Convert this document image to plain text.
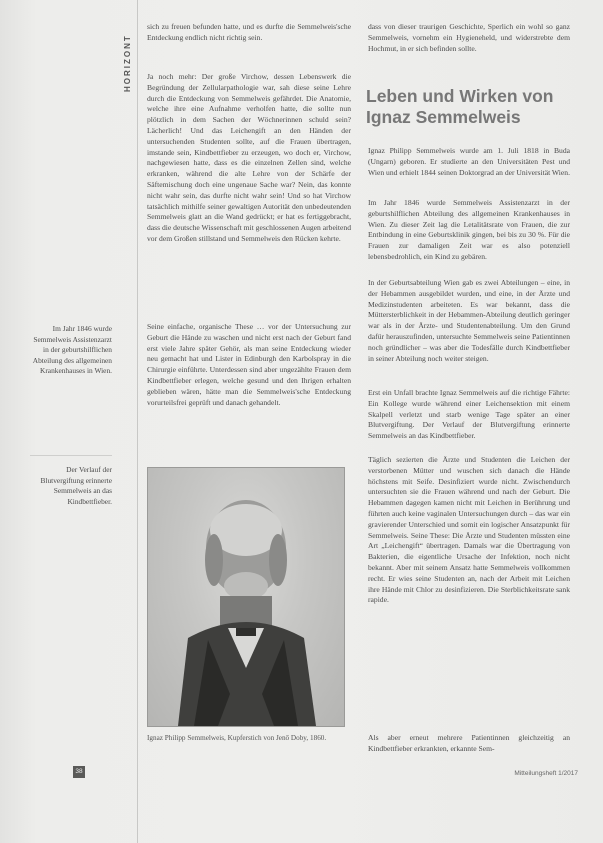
HORIZONT

sich zu freuen befunden hatte, und es durfte die Semmelweis'sche Entdeckung endlich nicht richtig sein.

Ja noch mehr: Der große Virchow, dessen Lebenswerk die Begründung der Zellularpathologie war, sah diese seine Lehre durch die Entdeckung von Semmelweis gefährdet. Die Anatomie, welche ihre eine Aufnahme verholfen hatte, die sollte nun plötzlich in dem Sachen der Wöchnerinnen schuld sein? Lächerlich! Und das Leichengift an den Händen der untersuchenden Studenten sollte, auf die Frauen übertragen, imstande sein, Kindbettfieber zu erzeugen, wo doch er, Virchow, nachgewiesen hatte, dass es die einzelnen Zellen sind, welche erkranken, während die alte Lehre von der Schärfe der Säftemischung doch eine ungenaue Sache war? Nein, das konnte nicht wahr sein, das durfte nicht wahr sein! Und so hat Virchow tatsächlich mithilfe seiner gewaltigen Autorität den unbedeutenden Semmelweis glatt an die Wand gedrückt; er hat es fertiggebracht, dass die deutsche Wissenschaft mit geschlossenen Augen arbeitend vor dem Großen stillstand und Semmelweis den Rücken kehrte.

Seine einfache, organische These … vor der Untersuchung zur Geburt die Hände zu waschen und nicht erst nach der Geburt fand erst viele Jahre später Gehör, als man seine Entdeckung wieder neu gemacht hat und Lister in Edinburgh den Karbolspray in die Chirurgie einführte. Unterdessen sind aber ungezählte Frauen dem Kindbettfieber erlegen, welche gesund und den Ihrigen erhalten geblieben wären, hätte man die Semmelweis'sche Entdeckung vorurteilsfrei geprüft und danach gehandelt.

Im Jahr 1846 wurde Semmelweis Assistenzarzt in der geburtshilflichen Abteilung des allgemeinen Krankenhauses in Wien.
Der Verlauf der Blutvergiftung erinnerte Semmelweis an das Kindbettfieber.
Ignaz Philipp Semmelweis, Kupferstich von Jenő Doby, 1860.

dass von dieser traurigen Geschichte, Sperlich ein wohl so ganz Semmelweis, vornehm ein Hygieneheld, und widerstrebte dem Hochmut, in er sich befinden sollte.

Ignaz Philipp Semmelweis wurde am 1. Juli 1818 in Buda (Ungarn) geboren. Er studierte an den Universitäten Pest und Wien und erhielt 1844 seinen Doktorgrad an der Universität Wien.

Im Jahr 1846 wurde Semmelweis Assistenzarzt in der geburtshilflichen Abteilung des allgemeinen Krankenhauses in Wien. Zu dieser Zeit lag die Letalitätsrate von Frauen, die zur Entbindung in eine Geburtsklinik gingen, bei bis zu 30 %. Für die Frauen zur damaligen Zeit war es also potenziell lebensbedrohlich, ein Kind zu gebären.

In der Geburtsabteilung Wien gab es zwei Abteilungen – eine, in der Hebammen ausgebildet wurden, und eine, in der Ärzte und Medizinstudenten arbeiteten. Es war bekannt, dass die Müttersterblichkeit in der Hebammen-Abteilung deutlich geringer war als in der Ärzte- und Studentenabteilung. Um den Grund dafür herauszufinden, untersuchte Semmelweis seine Patientinnen noch gründlicher – was aber die Todesfälle durch Kindbettfieber in seiner Abteilung noch weiter steigen.

Erst ein Unfall brachte Ignaz Semmelweis auf die richtige Fährte: Ein Kollege wurde während einer Leichensektion mit einem Skalpell verletzt und starb wenige Tage später an einer Blutvergiftung. Der Verlauf der Blutvergiftung erinnerte Semmelweis an das Kindbettfieber.

Täglich sezierten die Ärzte und Studenten die Leichen der verstorbenen Mütter und wuschen sich danach die Hände höchstens mit Seife. Desinfiziert wurde nicht. Zwischendurch untersuchten sie die Frauen während und nach der Geburt. Die Hebammen dagegen kamen nicht mit Leichen in Berührung und führten auch keine vaginalen Untersuchungen durch – das war ein gravierender Unterschied und somit ein logischer Ansatzpunkt für Semmelweis. Seine These: Die Ärzte und Studenten müssten eine Art „Leichengift“ übertragen. Damals war die Übertragung von Bakterien, die eigentliche Ursache der Infektion, noch nicht bekannt. Aber mit seinem Ansatz hatte Semmelweis vollkommen recht. Er wies seine Studenten an, nach der Arbeit mit Leichen ihre Hände mit Chlor zu desinfizieren. Die Sterblichkeitsrate sank rapide.

Als aber erneut mehrere Patientinnen gleichzeitig an Kindbettfieber erkrankten, erkannte Sem-

Leben und Wirken von Ignaz Semmelweis
38	Mitteilungsheft 1/2017
